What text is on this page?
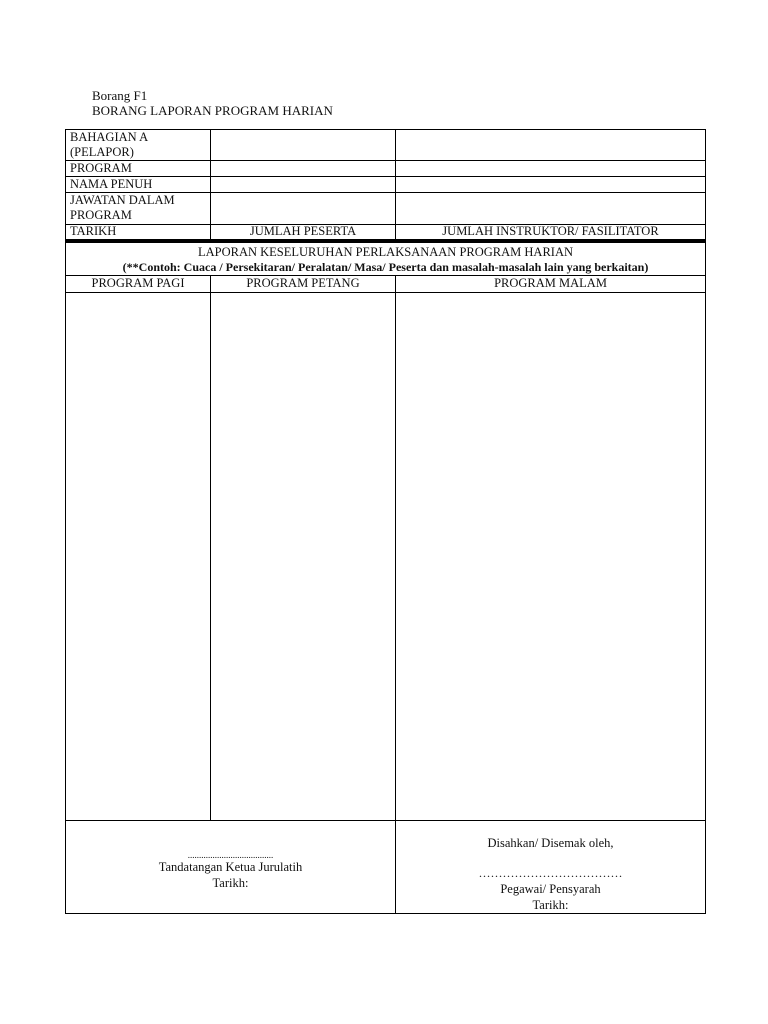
Borang F1
BORANG LAPORAN PROGRAM HARIAN
BAHAGIAN A
(PELAPOR)
PROGRAM
NAMA PENUH
JAWATAN DALAM
PROGRAM
TARIKH	JUMLAH PESERTA	JUMLAH INSTRUKTOR/ FASILITATOR
LAPORAN KESELURUHAN PERLAKSANAAN PROGRAM HARIAN
(**Contoh: Cuaca / Persekitaran/ Peralatan/ Masa/ Peserta dan masalah-masalah lain yang berkaitan)
PROGRAM PAGI	PROGRAM PETANG	PROGRAM MALAM
......................................
Tandatangan Ketua Jurulatih
Tarikh:
Disahkan/ Disemak oleh,
………………………………
Pegawai/ Pensyarah
Tarikh:
